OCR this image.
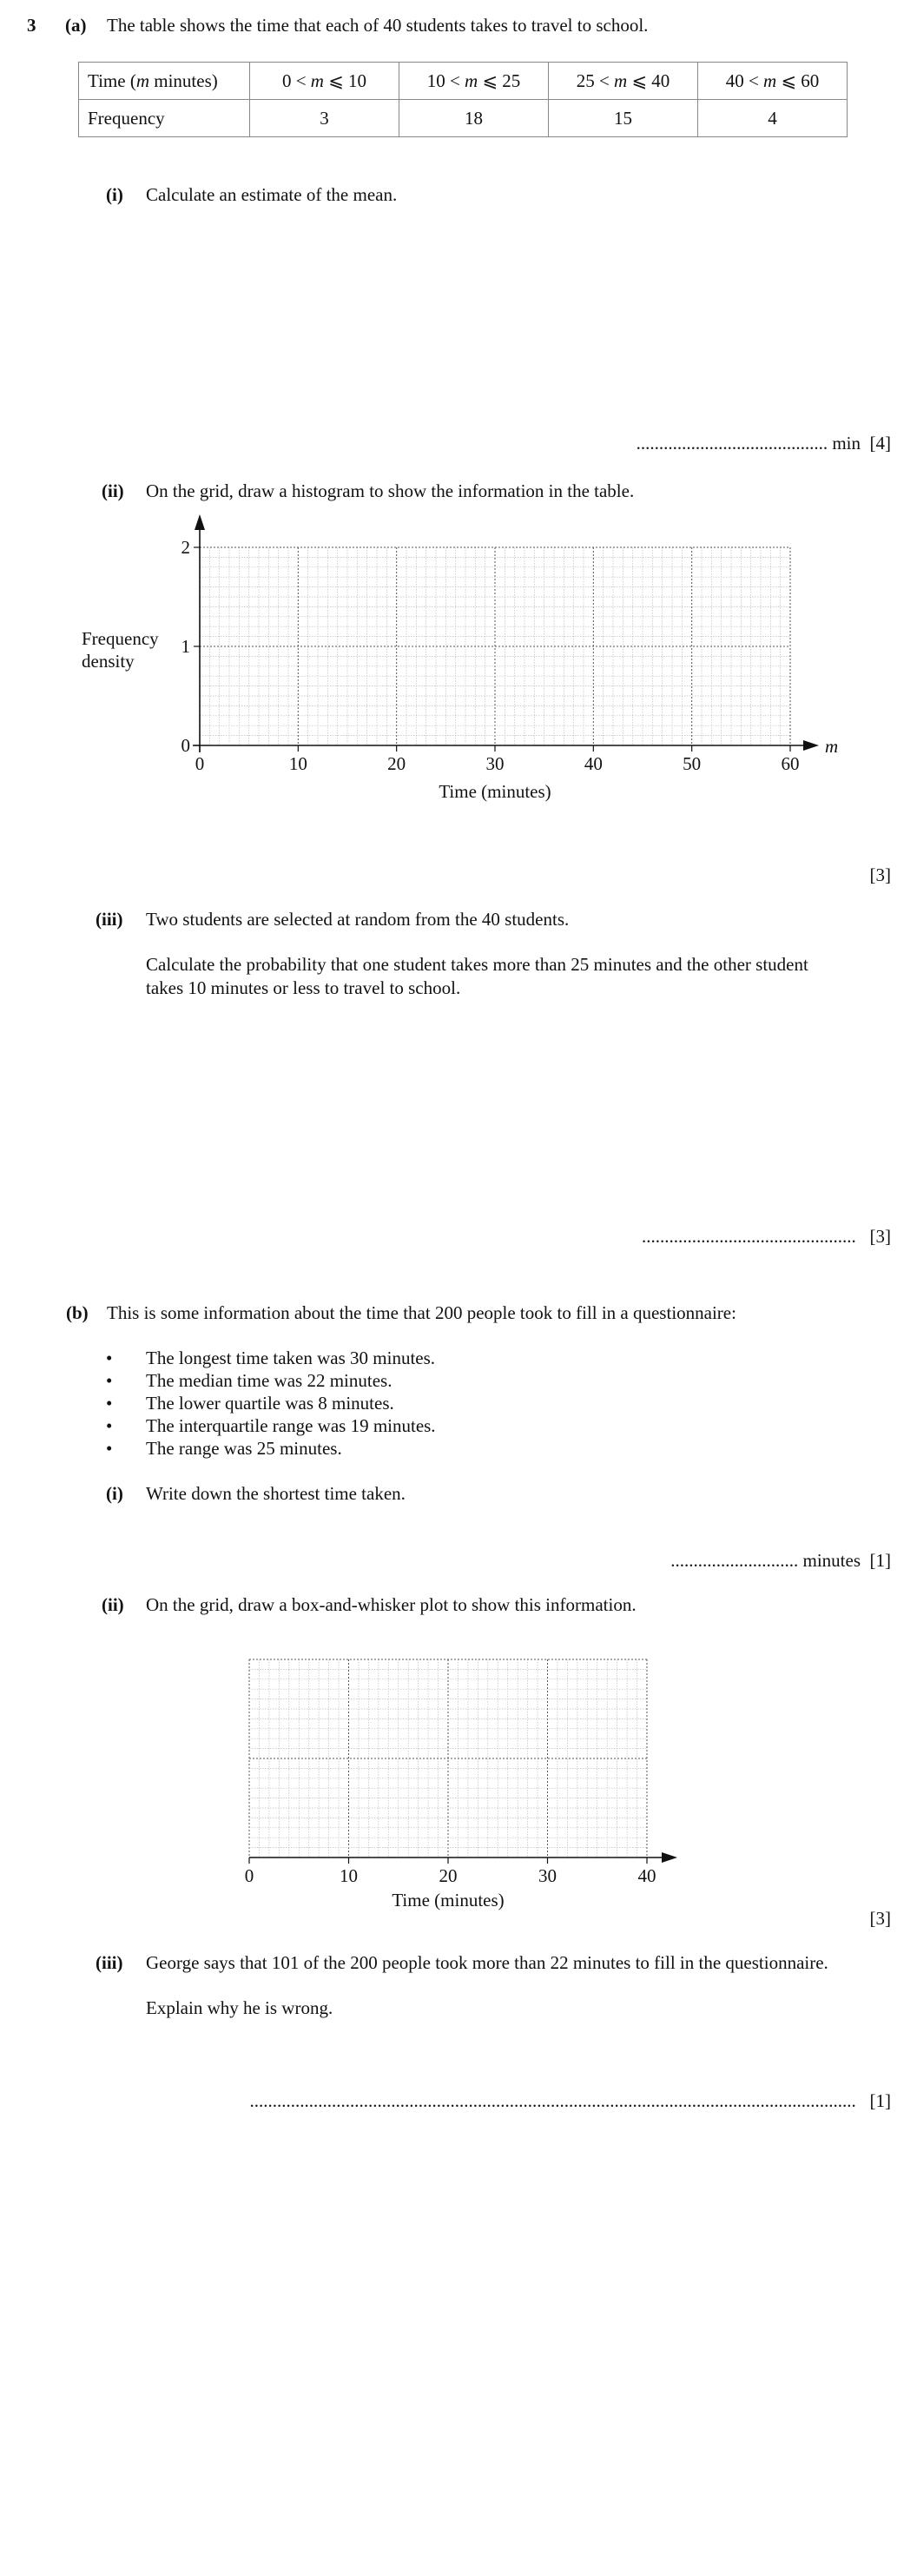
3 (a) The table shows the time that each of 40 students takes to travel to school.
Time (m minutes)	0 < m ⩽ 10	10 < m ⩽ 25	25 < m ⩽ 40	40 < m ⩽ 60
Frequency	3	18	15	4
(i) Calculate an estimate of the mean.
.......................................... min [4]
(ii) On the grid, draw a histogram to show the information in the table.
0	10	20	30	40	50	60
0
1
2
m
Time (minutes)
Frequency
density
[3]
(iii) Two students are selected at random from the 40 students.
Calculate the probability that one student takes more than 25 minutes and the other student
takes 10 minutes or less to travel to school.
............................................... [3]
(b) This is some information about the time that 200 people took to fill in a questionnaire:
• The longest time taken was 30 minutes.
• The median time was 22 minutes.
• The lower quartile was 8 minutes.
• The interquartile range was 19 minutes.
• The range was 25 minutes.
(i) Write down the shortest time taken.
............................ minutes [1]
(ii) On the grid, draw a box-and-whisker plot to show this information.
0	10	20	30	40
Time (minutes)
[3]
(iii) George says that 101 of the 200 people took more than 22 minutes to fill in the questionnaire.
Explain why he is wrong.
..................................................................................................................................... [1]
